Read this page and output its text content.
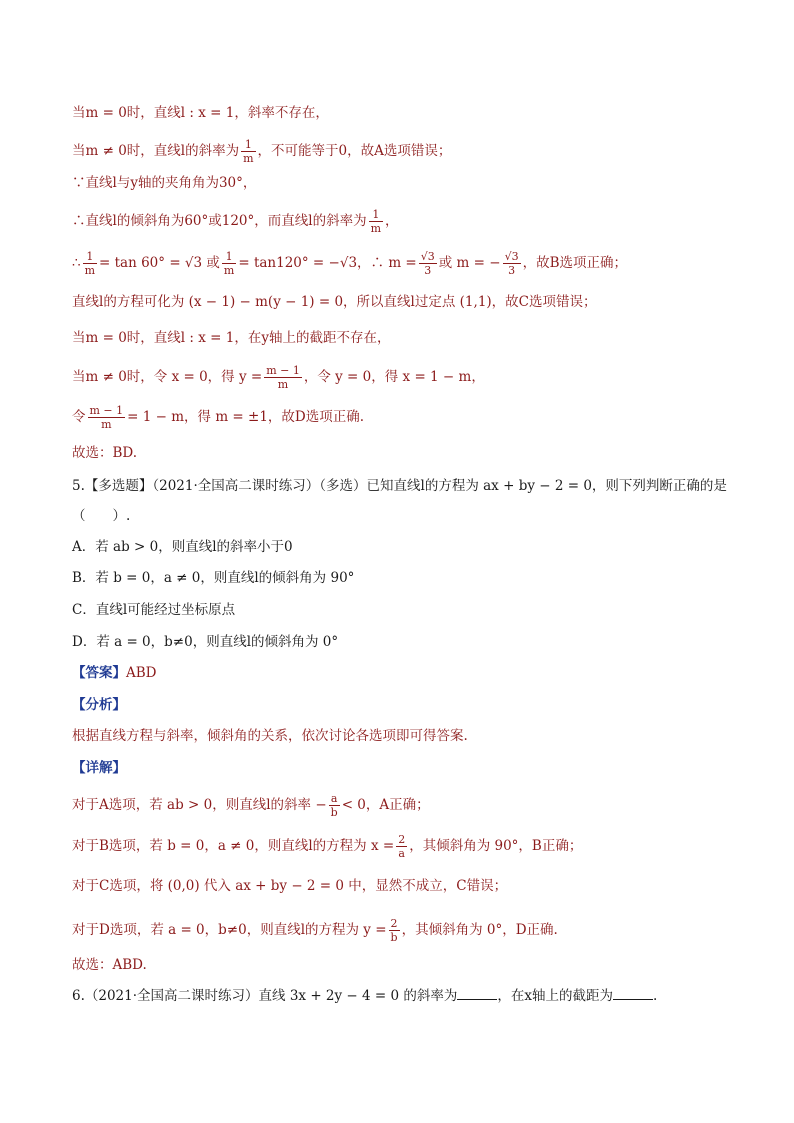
当m = 0时，直线l : x = 1，斜率不存在，
当m ≠ 0时，直线l的斜率为 $\frac{1}{m}$ ，不可能等于0，故A选项错误；
∵直线l与y轴的夹角角为30°，
∴直线l的倾斜角为60°或120°，而直线l的斜率为 $\frac{1}{m}$ ，
∴ $\frac{1}{m} = \tan 60^\circ = √3$ 或 $\frac{1}{m} = \tan 120^\circ = -√3$，∴ $m = \frac{√3}{3}$ 或 m = − $\frac{√3}{3}$ ，故B选项正确；
直线l的方程可化为 (x − 1) − m(y − 1) = 0，所以直线l过定点 (1,1)，故C选项错误；
当m = 0时，直线l : x = 1，在y轴上的截距不存在，
当m ≠ 0时，令 x = 0，得 $y = \frac{m - 1}{m}$ ，令 y = 0，得 x = 1 − m，
令 $\frac{m - 1}{m} = 1 - m$，得 m = ±1，故D选项正确.
故选：BD.
5.【多选题】（2021·全国高二课时练习）（多选）已知直线l的方程为 ax + by − 2 = 0，则下列判断正确的是
（　　）.
A．若 ab > 0，则直线l的斜率小于0
B．若 b = 0，a ≠ 0，则直线l的倾斜角为 90°
C．直线l可能经过坐标原点
D．若 a = 0，b≠0，则直线l的倾斜角为 0°
【答案】ABD
【分析】
根据直线方程与斜率，倾斜角的关系，依次讨论各选项即可得答案.
【详解】
对于A选项，若 ab > 0，则直线l的斜率 − $\frac{a}{b} < 0$，A正确；
对于B选项，若 b = 0，a ≠ 0，则直线l的方程为 $x = \frac{2}{a}$ ，其倾斜角为 90°，B正确；
对于C选项，将 (0,0) 代入 ax + by − 2 = 0 中，显然不成立，C错误；
对于D选项，若 a = 0，b≠0，则直线l的方程为 $y = \frac{2}{b}$ ，其倾斜角为 0°，D正确.
故选：ABD.
6.（2021·全国高二课时练习）直线 3x + 2y − 4 = 0 的斜率为	，在x轴上的截距为	.
